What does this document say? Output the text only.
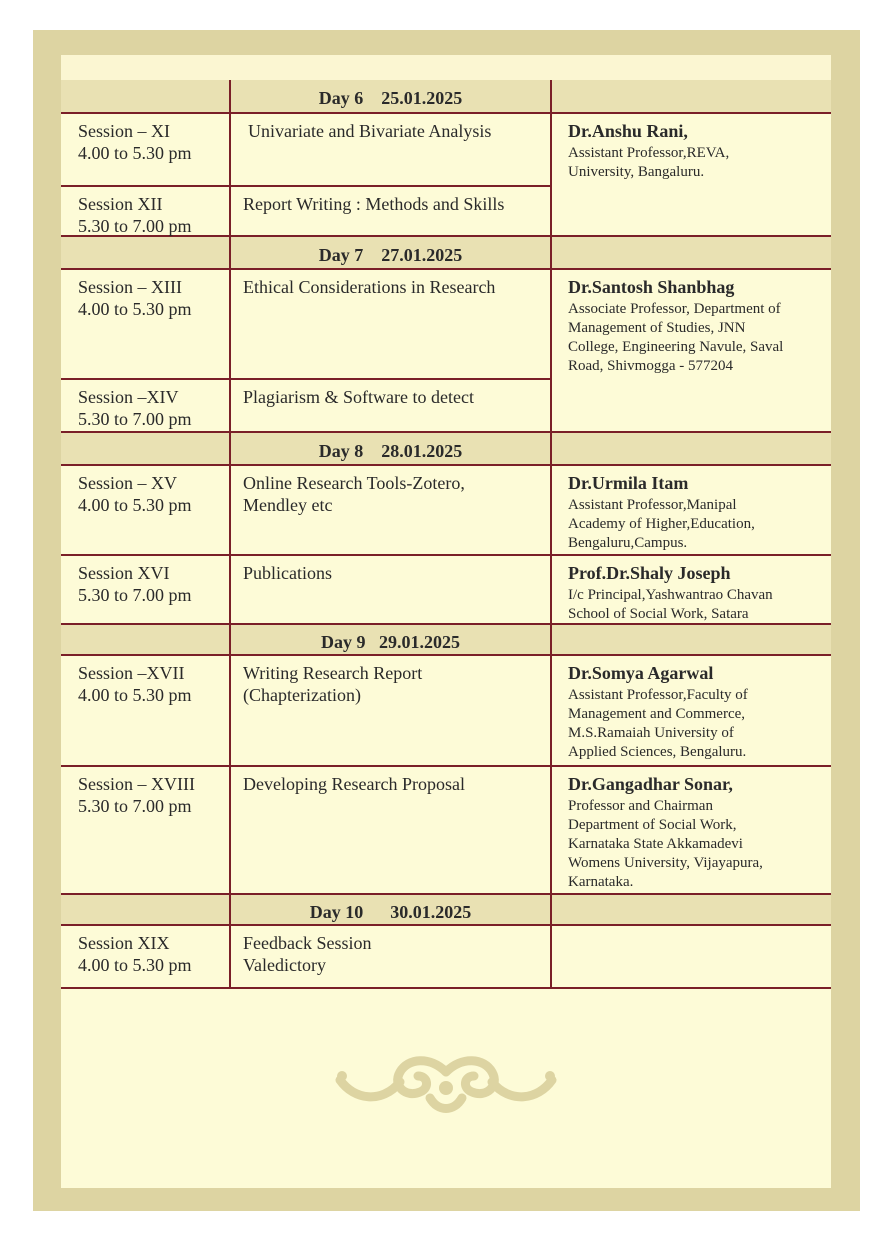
Day 6 25.01.2025
Session – XI
4.00 to 5.30 pm
Univariate and Bivariate Analysis
Session XII
5.30 to 7.00 pm
Report Writing : Methods and Skills
Dr.Anshu Rani,
Assistant Professor,REVA,
University, Bangaluru.
Day 7 27.01.2025
Session – XIII
4.00 to 5.30 pm
Ethical Considerations in Research
Session –XIV
5.30 to 7.00 pm
Plagiarism & Software to detect
Dr.Santosh Shanbhag
Associate Professor, Department of
Management of Studies, JNN
College, Engineering Navule, Saval
Road, Shivmogga - 577204
Day 8 28.01.2025
Session – XV
4.00 to 5.30 pm
Online Research Tools-Zotero,
Mendley etc
Dr.Urmila Itam
Assistant Professor,Manipal
Academy of Higher,Education,
Bengaluru,Campus.
Session XVI
5.30 to 7.00 pm
Publications	Prof.Dr.Shaly Joseph
I/c Principal,Yashwantrao Chavan
School of Social Work, Satara
Day 9 29.01.2025
Session –XVII
4.00 to 5.30 pm
Writing Research Report
(Chapterization)
Dr.Somya Agarwal
Assistant Professor,Faculty of
Management and Commerce,
M.S.Ramaiah University of
Applied Sciences, Bengaluru.
Session – XVIII
5.30 to 7.00 pm
Developing Research Proposal	Dr.Gangadhar Sonar,
Professor and Chairman
Department of Social Work,
Karnataka State Akkamadevi
Womens University, Vijayapura,
Karnataka.
Day 10 30.01.2025
Session XIX
4.00 to 5.30 pm
Feedback Session
Valedictory
